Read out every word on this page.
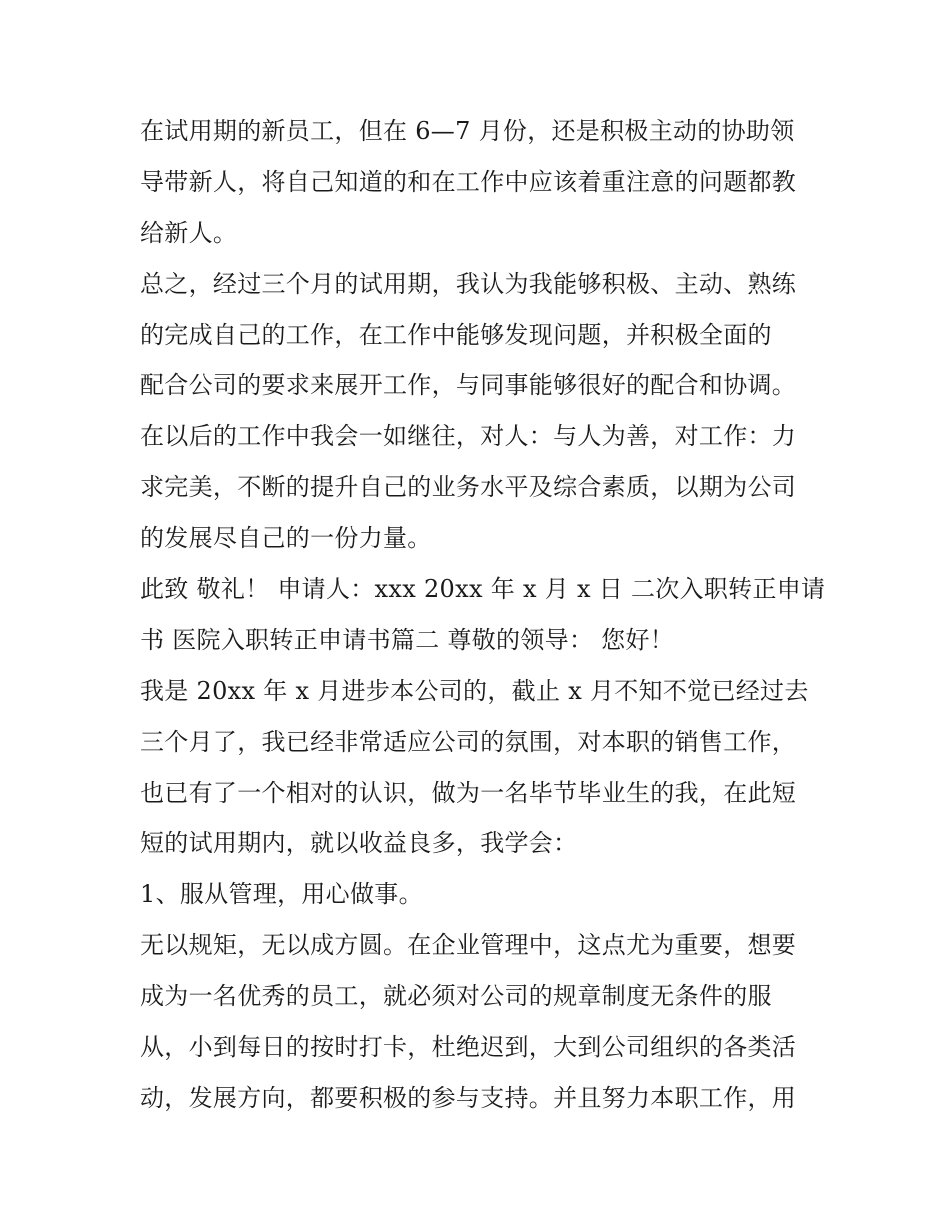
在试用期的新员工，但在 6—7 月份，还是积极主动的协助领
导带新人，将自己知道的和在工作中应该着重注意的问题都教
给新人。
总之，经过三个月的试用期，我认为我能够积极、主动、熟练
的完成自己的工作，在工作中能够发现问题，并积极全面的
配合公司的要求来展开工作，与同事能够很好的配合和协调。
在以后的工作中我会一如继往，对人：与人为善，对工作：力
求完美，不断的提升自己的业务水平及综合素质，以期为公司
的发展尽自己的一份力量。
此致 敬礼！ 申请人：xxx 20xx 年 x 月 x 日 二次入职转正申请
书 医院入职转正申请书篇二 尊敬的领导： 您好！
我是 20xx 年 x 月进步本公司的，截止 x 月不知不觉已经过去
三个月了，我已经非常适应公司的氛围，对本职的销售工作，
也已有了一个相对的认识，做为一名毕节毕业生的我，在此短
短的试用期内，就以收益良多，我学会：
1、服从管理，用心做事。
无以规矩，无以成方圆。在企业管理中，这点尤为重要，想要
成为一名优秀的员工，就必须对公司的规章制度无条件的服
从，小到每日的按时打卡，杜绝迟到，大到公司组织的各类活
动，发展方向，都要积极的参与支持。并且努力本职工作，用
